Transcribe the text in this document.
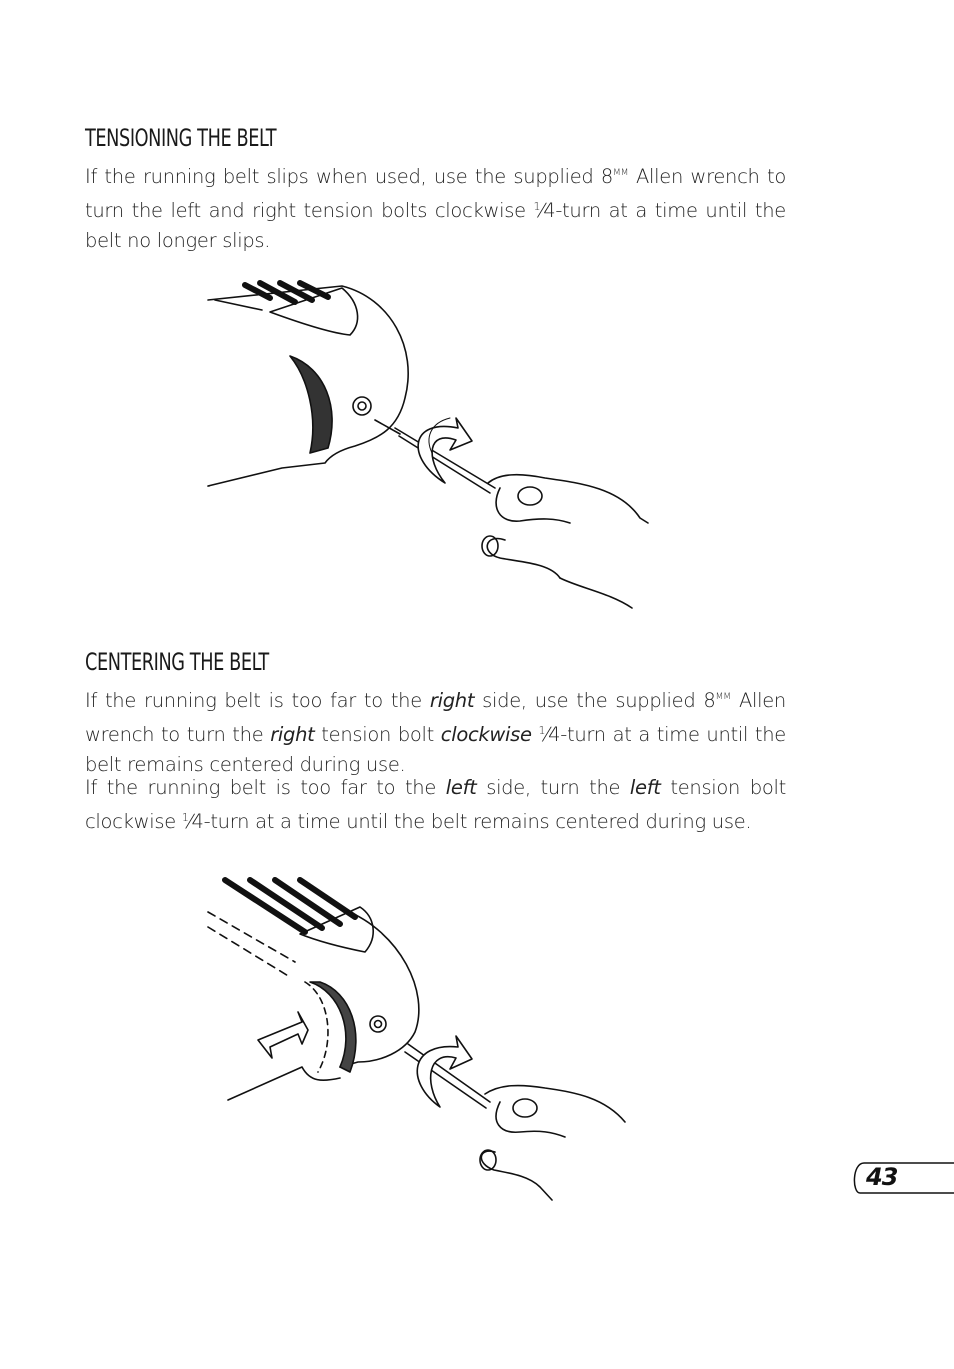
TENSIONING THE BELT

If the running belt slips when used, use the supplied $8^{MM}$ Allen wrench to turn the left and right tension bolts clockwise $^1$⁄4-turn at a time until the belt no longer slips.

CENTERING THE BELT

If the running belt is too far to the right side, use the supplied $8^{MM}$ Allen wrench to turn the right tension bolt clockwise $^1$⁄4-turn at a time until the belt remains centered during use.

If the running belt is too far to the left side, turn the left tension bolt clockwise $^1$⁄4-turn at a time until the belt remains centered during use.

43
